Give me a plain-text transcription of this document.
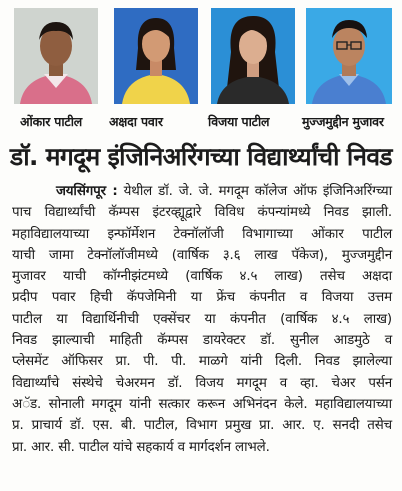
ओंकार पाटील अक्षदा पवार	विजया पाटील	मुज्जमुद्दीन मुजावर
डॉ. मगदूम इंजिनिअरिंगच्या विद्यार्थ्यांची निवड
जयसिंगपूर : येथील डॉ. जे. जे. मगदूम कॉलेज ऑफ इंजिनिअरिंग्च्या
पाच विद्यार्थ्यांची कॅम्पस इंटरव्ह्यूद्वारे विविध कंपन्यांमध्ये निवड झाली.
महाविद्यालयाच्या इन्फॉर्मेशन टेक्नॉलॉजी विभागाच्या ओंकार पाटील
याची जामा टेक्नॉलॉजीमध्ये (वार्षिक ३.६ लाख पॅकेज), मुज्जमुद्दीन
मुजावर याची कॉग्नीझंटमध्ये (वार्षिक ४.५ लाख) तसेच अक्षदा
प्रदीप पवार हिची कॅपजेमिनी या फ्रेंच कंपनीत व विजया उत्तम
पाटील या विद्यार्थिनीची एक्सेंचर या कंपनीत (वार्षिक ४.५ लाख)
निवड झाल्याची माहिती कॅम्पस डायरेक्टर डॉ. सुनील आडमुठे व
प्लेसमेंट ऑफिसर प्रा. पी. पी. माळगे यांनी दिली. निवड झालेल्या
विद्यार्थ्यांचे संस्थेचे चेअरमन डॉ. विजय मगदूम व व्हा. चेअर पर्सन
अॅड. सोनाली मगदूम यांनी सत्कार करून अभिनंदन केले. महाविद्यालयाच्या
प्र. प्राचार्य डॉ. एस. बी. पाटील, विभाग प्रमुख प्रा. आर. ए. सनदी तसेच
प्रा. आर. सी. पाटील यांचे सहकार्य व मार्गदर्शन लाभले.
